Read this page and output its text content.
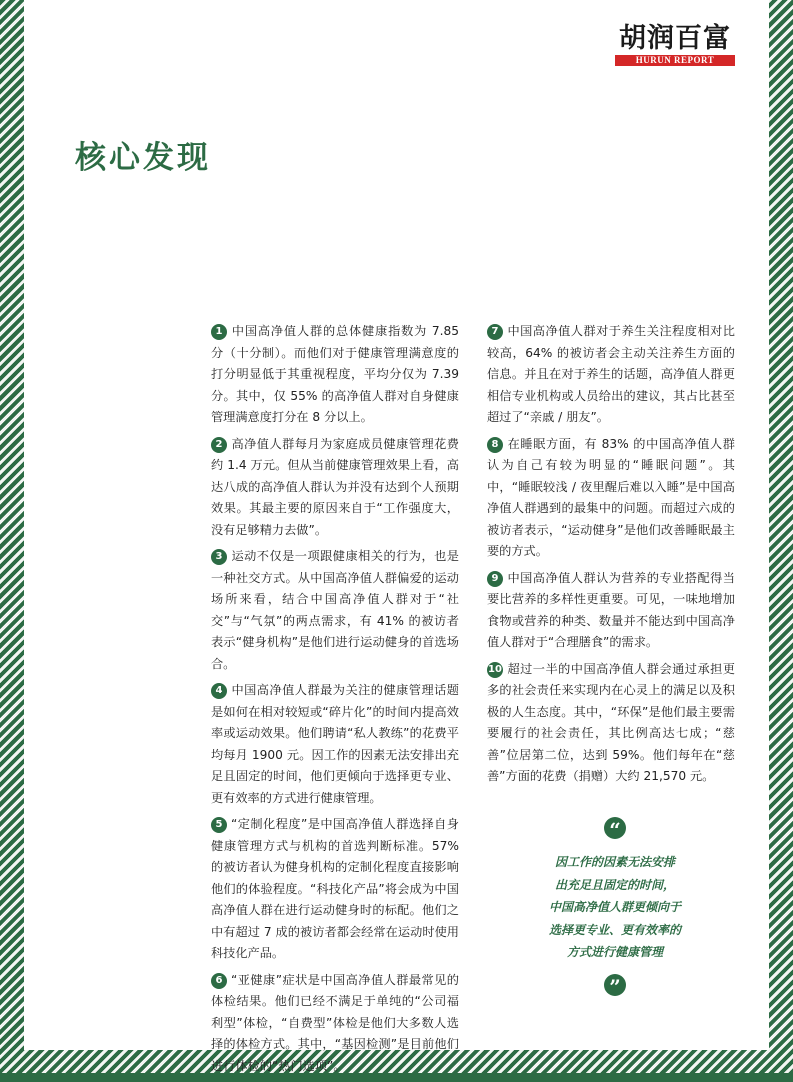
胡润百富
HURUN REPORT
核心发现

1 中国高净值人群的总体健康指数为 7.85 分（十分制）。而他们对于健康管理满意度的打分明显低于其重视程度，平均分仅为 7.39 分。其中，仅 55% 的高净值人群对自身健康管理满意度打分在 8 分以上。

2 高净值人群每月为家庭成员健康管理花费约 1.4 万元。但从当前健康管理效果上看，高达八成的高净值人群认为并没有达到个人预期效果。其最主要的原因来自于“工作强度大，没有足够精力去做”。

3 运动不仅是一项跟健康相关的行为，也是一种社交方式。从中国高净值人群偏爱的运动场所来看，结合中国高净值人群对于“社交”与“气氛”的两点需求，有 41% 的被访者表示“健身机构”是他们进行运动健身的首选场合。

4 中国高净值人群最为关注的健康管理话题是如何在相对较短或“碎片化”的时间内提高效率或运动效果。他们聘请“私人教练”的花费平均每月 1900 元。因工作的因素无法安排出充足且固定的时间，他们更倾向于选择更专业、更有效率的方式进行健康管理。

5 “定制化程度”是中国高净值人群选择自身健康管理方式与机构的首选判断标准。57% 的被访者认为健身机构的定制化程度直接影响他们的体验程度。“科技化产品”将会成为中国高净值人群在进行运动健身时的标配。他们之中有超过 7 成的被访者都会经常在运动时使用科技化产品。

6 “亚健康”症状是中国高净值人群最常见的体检结果。他们已经不满足于单纯的“公司福利型”体检，“自费型”体检是他们大多数人选择的体检方式。其中，“基因检测”是目前他们进行体检的“热门选项”。

7 中国高净值人群对于养生关注程度相对比较高，64% 的被访者会主动关注养生方面的信息。并且在对于养生的话题，高净值人群更相信专业机构或人员给出的建议，其占比甚至超过了“亲戚 / 朋友”。

8 在睡眠方面，有 83% 的中国高净值人群认为自己有较为明显的“睡眠问题”。其中，“睡眠较浅 / 夜里醒后难以入睡”是中国高净值人群遇到的最集中的问题。而超过六成的被访者表示，“运动健身”是他们改善睡眠最主要的方式。

9 中国高净值人群认为营养的专业搭配得当要比营养的多样性更重要。可见，一味地增加食物或营养的种类、数量并不能达到中国高净值人群对于“合理膳食”的需求。

10 超过一半的中国高净值人群会通过承担更多的社会责任来实现内在心灵上的满足以及积极的人生态度。其中，“环保”是他们最主要需要履行的社会责任，其比例高达七成；“慈善”位居第二位，达到 59%。他们每年在“慈善”方面的花费（捐赠）大约 21,570 元。

“
因工作的因素无法安排
出充足且固定的时间，
中国高净值人群更倾向于
选择更专业、更有效率的
方式进行健康管理
”
